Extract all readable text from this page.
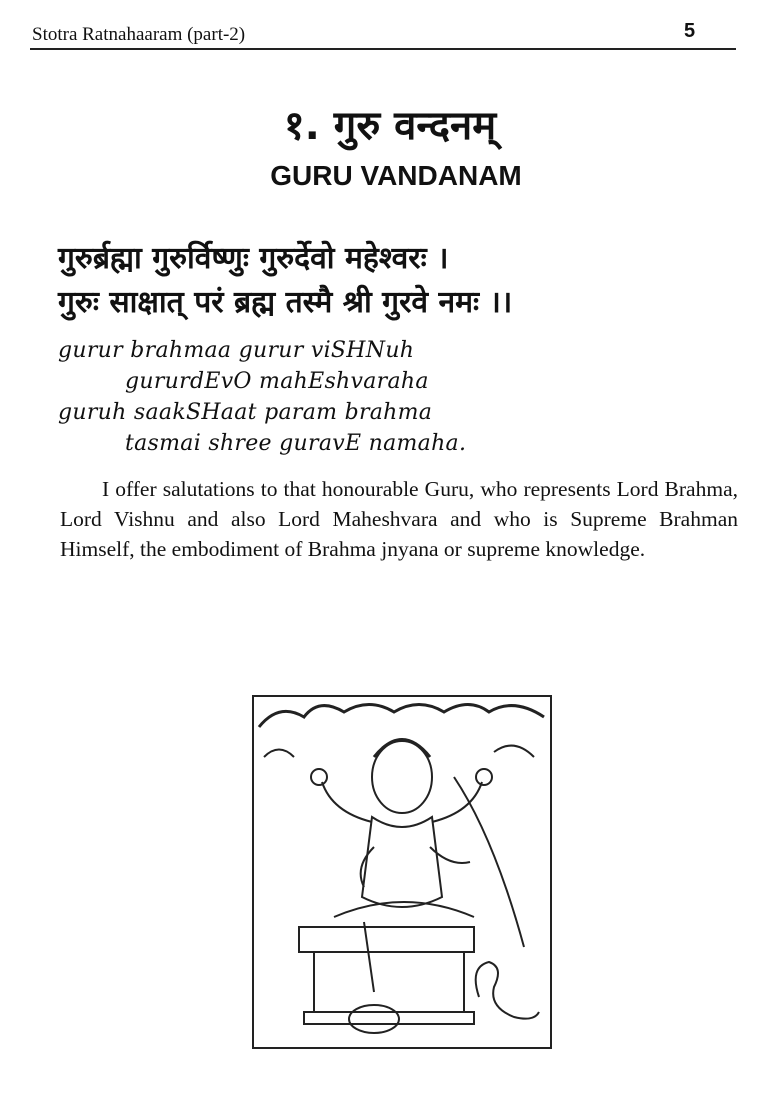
Stotra Ratnahaaram (part-2)	5
१. गुरु वन्दनम्
GURU VANDANAM
गुरुर्ब्रह्मा गुरुर्विष्णुः गुरुर्देवो महेश्वरः ।
गुरुः साक्षात् परं ब्रह्म तस्मै श्री गुरवे नमः ।।
gurur brahmaa gurur viSHNuh
gururdEvO mahEshvaraha
guruh saakSHaat param brahma
tasmai shree guravE namaha.
I offer salutations to that honourable Guru, who represents Lord Brahma, Lord Vishnu and also Lord Maheshvara and who is Supreme Brahman Himself, the embodiment of Brahma jnyana or supreme knowledge.
